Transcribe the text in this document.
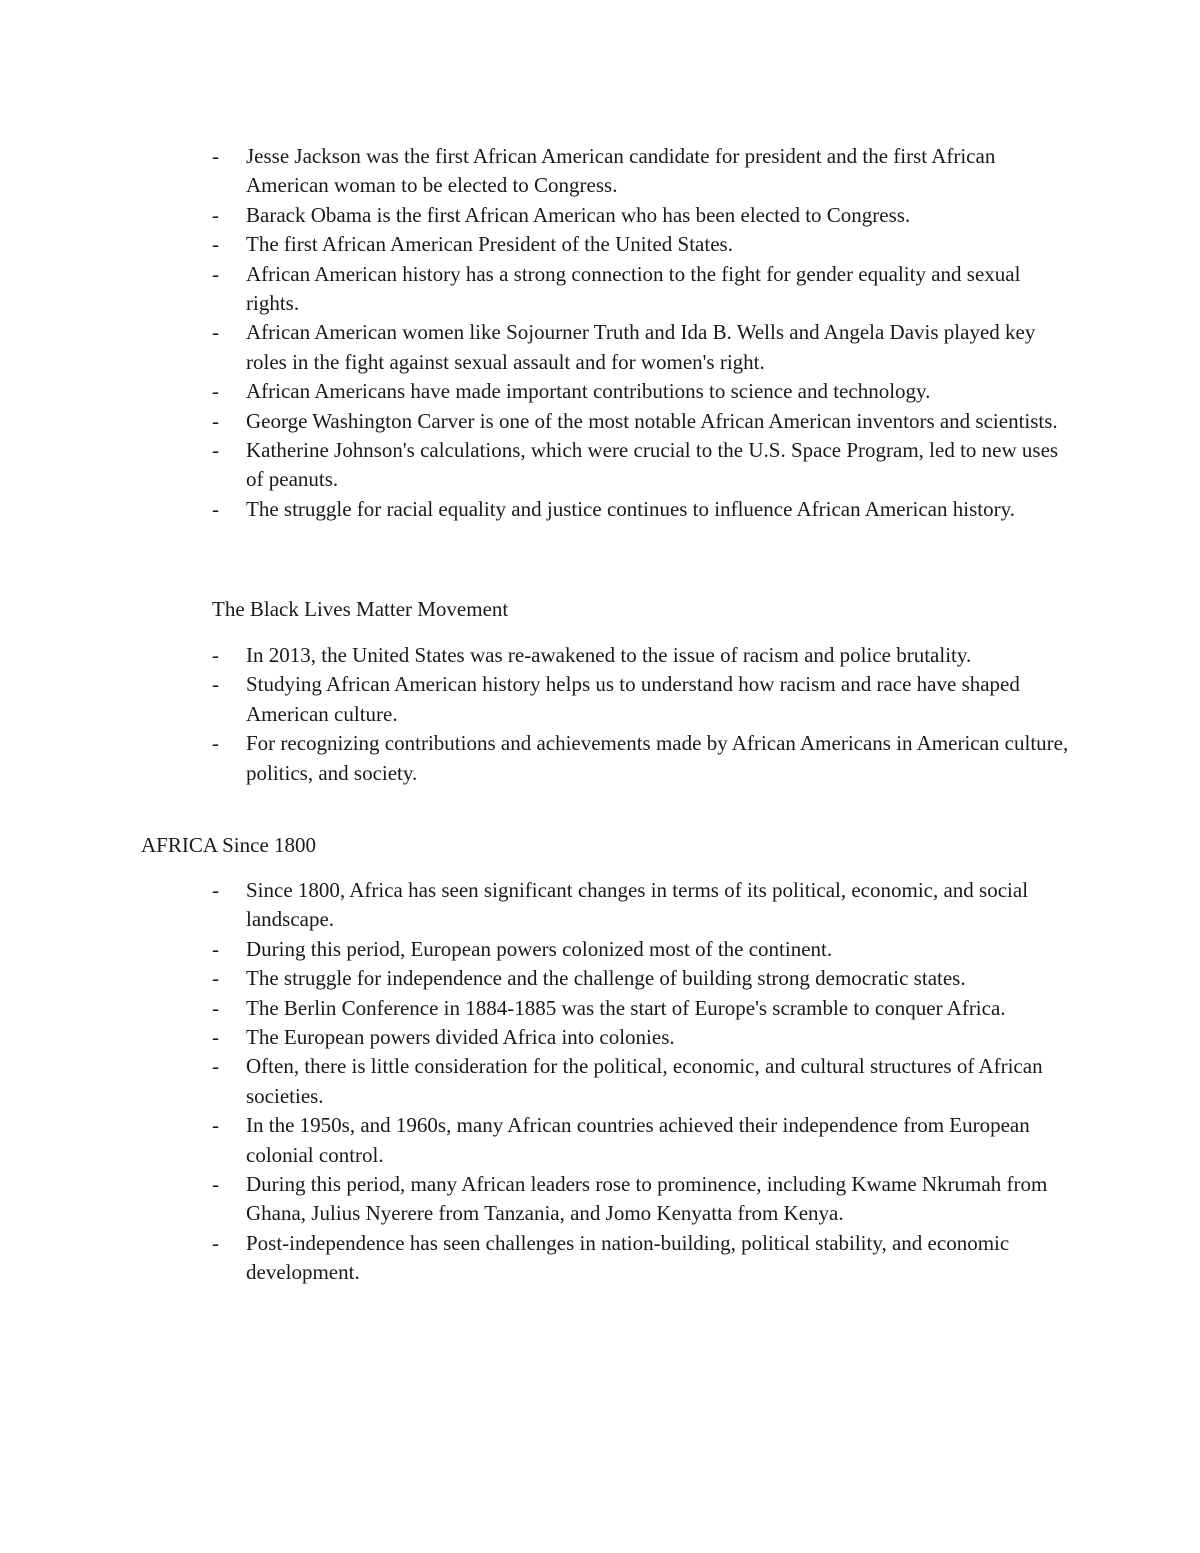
- Jesse Jackson was the first African American candidate for president and the first African American woman to be elected to Congress.
- Barack Obama is the first African American who has been elected to Congress.
- The first African American President of the United States.
- African American history has a strong connection to the fight for gender equality and sexual rights.
- African American women like Sojourner Truth and Ida B. Wells and Angela Davis played key roles in the fight against sexual assault and for women's right.
- African Americans have made important contributions to science and technology.
- George Washington Carver is one of the most notable African American inventors and scientists.
- Katherine Johnson's calculations, which were crucial to the U.S. Space Program, led to new uses of peanuts.
- The struggle for racial equality and justice continues to influence African American history.
The Black Lives Matter Movement
- In 2013, the United States was re-awakened to the issue of racism and police brutality.
- Studying African American history helps us to understand how racism and race have shaped American culture.
- For recognizing contributions and achievements made by African Americans in American culture, politics, and society.
AFRICA Since 1800
- Since 1800, Africa has seen significant changes in terms of its political, economic, and social landscape.
- During this period, European powers colonized most of the continent.
- The struggle for independence and the challenge of building strong democratic states.
- The Berlin Conference in 1884-1885 was the start of Europe's scramble to conquer Africa.
- The European powers divided Africa into colonies.
- Often, there is little consideration for the political, economic, and cultural structures of African societies.
- In the 1950s, and 1960s, many African countries achieved their independence from European colonial control.
- During this period, many African leaders rose to prominence, including Kwame Nkrumah from Ghana, Julius Nyerere from Tanzania, and Jomo Kenyatta from Kenya.
- Post-independence has seen challenges in nation-building, political stability, and economic development.
